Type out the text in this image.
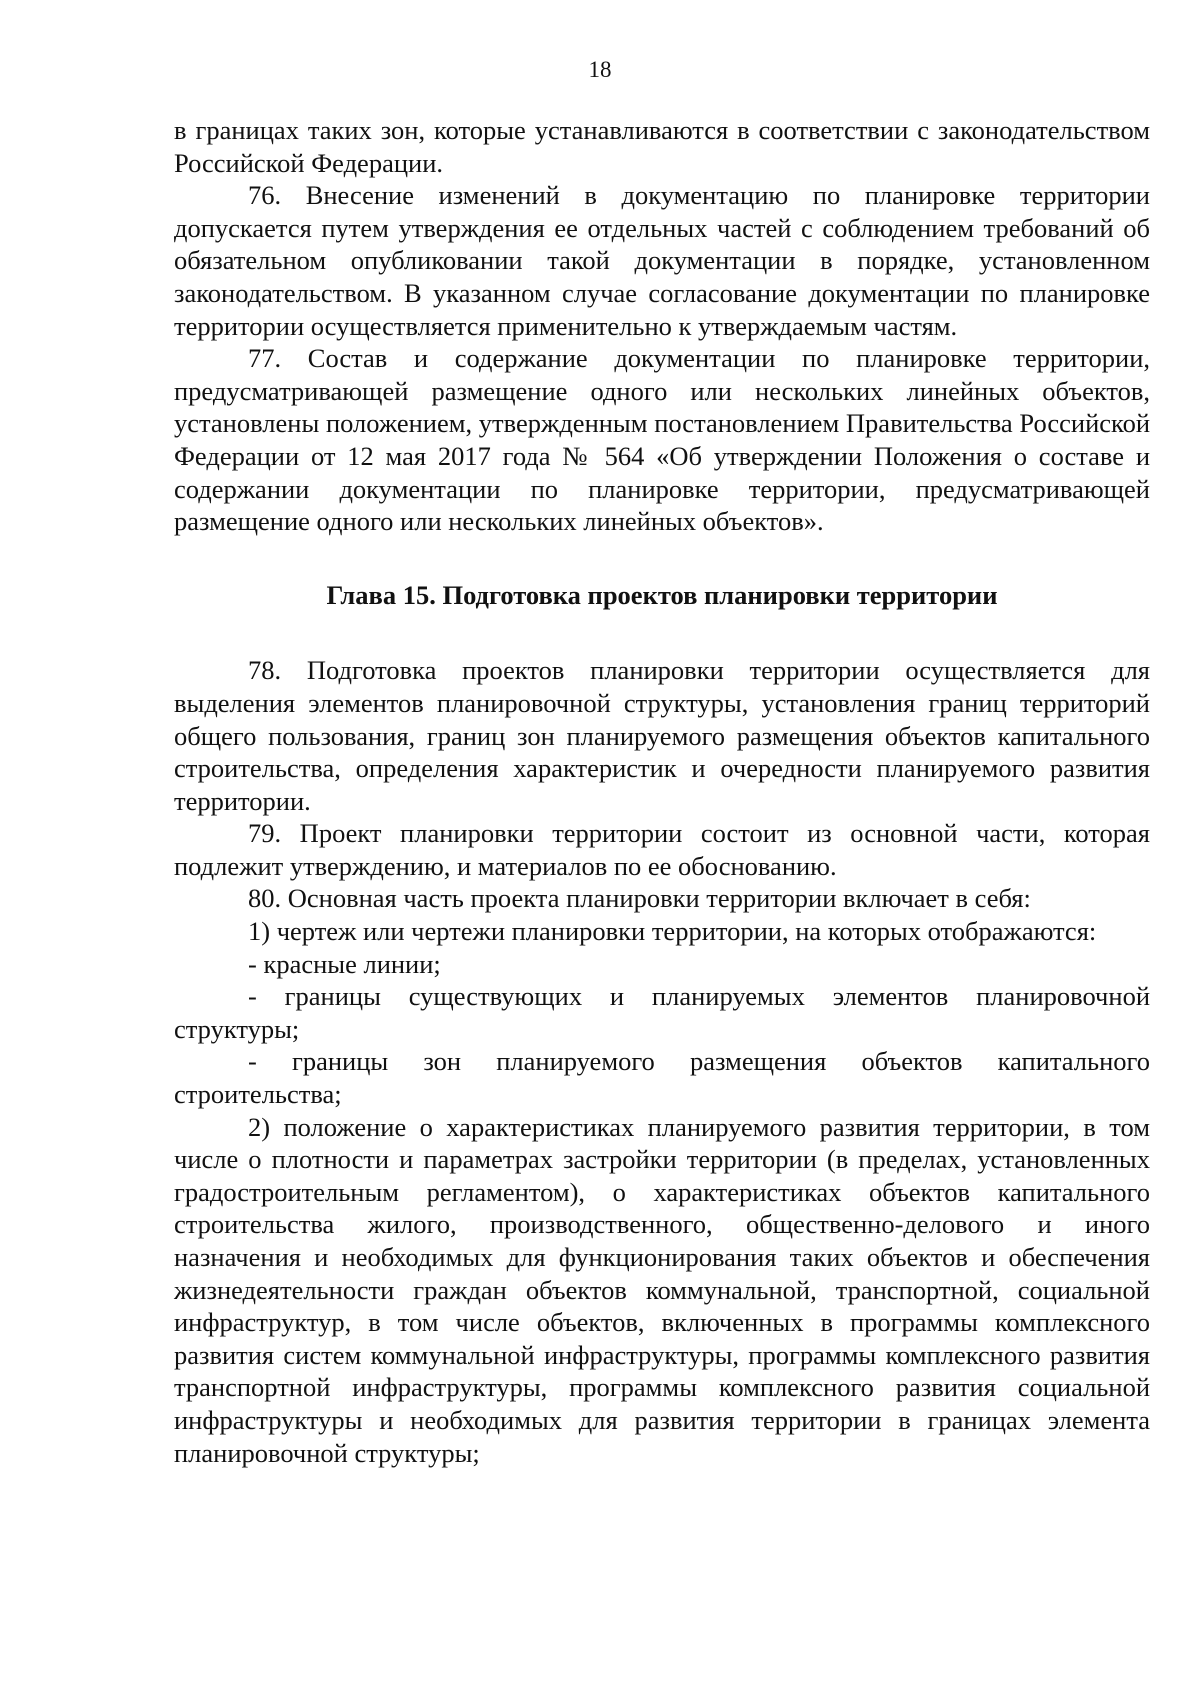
18

в границах таких зон, которые устанавливаются в соответствии с законодательством Российской Федерации.

76. Внесение изменений в документацию по планировке территории допускается путем утверждения ее отдельных частей с соблюдением требований об обязательном опубликовании такой документации в порядке, установленном законодательством. В указанном случае согласование документации по планировке территории осуществляется применительно к утверждаемым частям.

77. Состав и содержание документации по планировке территории, предусматривающей размещение одного или нескольких линейных объектов, установлены положением, утвержденным постановлением Правительства Российской Федерации от 12 мая 2017 года № 564 «Об утверждении Положения о составе и содержании документации по планировке территории, предусматривающей размещение одного или нескольких линейных объектов».

Глава 15. Подготовка проектов планировки территории

78. Подготовка проектов планировки территории осуществляется для выделения элементов планировочной структуры, установления границ территорий общего пользования, границ зон планируемого размещения объектов капитального строительства, определения характеристик и очередности планируемого развития территории.

79. Проект планировки территории состоит из основной части, которая подлежит утверждению, и материалов по ее обоснованию.

80. Основная часть проекта планировки территории включает в себя:

1) чертеж или чертежи планировки территории, на которых отображаются:

- красные линии;

- границы существующих и планируемых элементов планировочной структуры;

- границы зон планируемого размещения объектов капитального строительства;

2) положение о характеристиках планируемого развития территории, в том числе о плотности и параметрах застройки территории (в пределах, установленных градостроительным регламентом), о характеристиках объектов капитального строительства жилого, производственного, общественно-делового и иного назначения и необходимых для функционирования таких объектов и обеспечения жизнедеятельности граждан объектов коммунальной, транспортной, социальной инфраструктур, в том числе объектов, включенных в программы комплексного развития систем коммунальной инфраструктуры, программы комплексного развития транспортной инфраструктуры, программы комплексного развития социальной инфраструктуры и необходимых для развития территории в границах элемента планировочной структуры;
